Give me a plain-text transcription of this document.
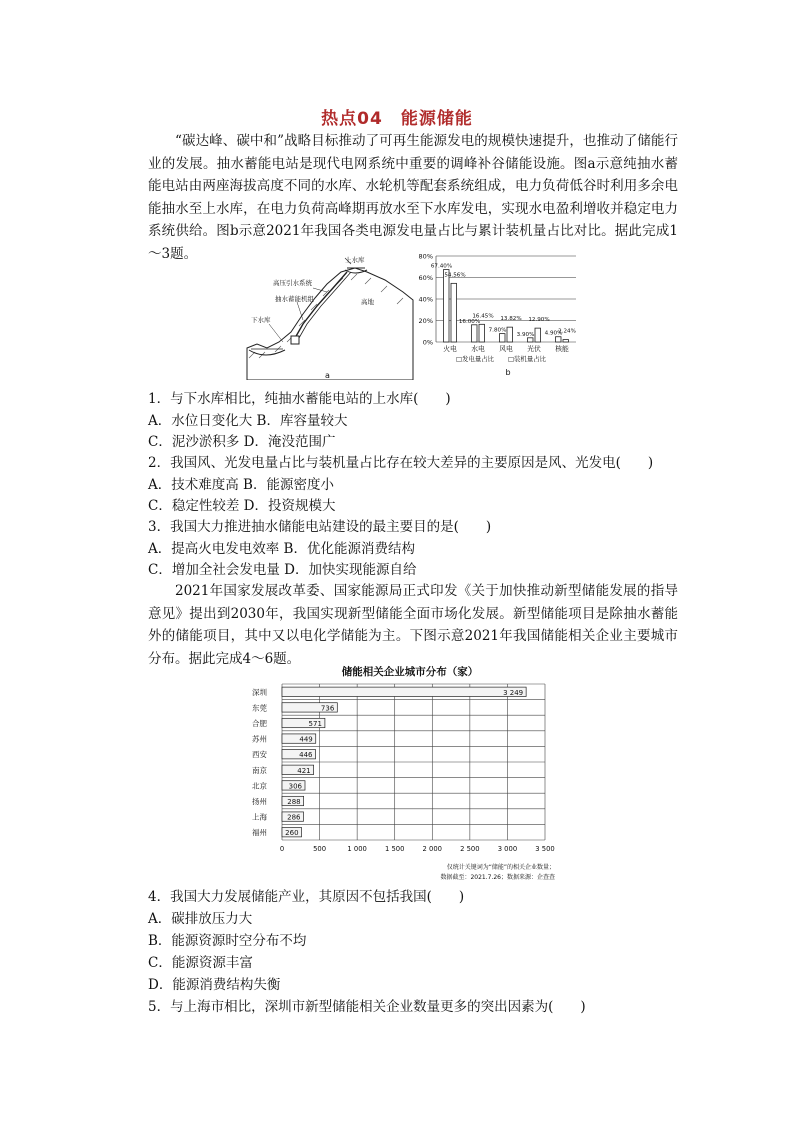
热点04　能源储能
“碳达峰、碳中和”战略目标推动了可再生能源发电的规模快速提升，也推动了储能行业的发展。抽水蓄能电站是现代电网系统中重要的调峰补谷储能设施。图a示意纯抽水蓄能电站由两座海拔高度不同的水库、水轮机等配套系统组成，电力负荷低谷时利用多余电能抽水至上水库，在电力负荷高峰期再放水至下水库发电，实现水电盈利增收并稳定电力系统供给。图b示意2021年我国各类电源发电量占比与累计装机量占比对比。据此完成1～3题。	上水库
高压引水系统
抽水蓄能机组	高地
下水库
a
0%
20%
40%
60%
80%
67.40%
54.56%
火电
16.00%
16.45%
水电
7.80%
13.82%
风电
3.90%
12.90%
光伏
4.90%
2.24%
核能
□发电量占比 □装机量占比
b
1．与下水库相比，纯抽水蓄能电站的上水库(　　)
A．水位日变化大 B．库容量较大
C．泥沙淤积多 D．淹没范围广
2．我国风、光发电量占比与装机量占比存在较大差异的主要原因是风、光发电(　　)
A．技术难度高 B．能源密度小
C．稳定性较差 D．投资规模大
3．我国大力推进抽水储能电站建设的最主要目的是(　　)
A．提高火电发电效率 B．优化能源消费结构
C．增加全社会发电量 D．加快实现能源自给
2021年国家发展改革委、国家能源局正式印发《关于加快推动新型储能发展的指导意见》提出到2030年，我国实现新型储能全面市场化发展。新型储能项目是除抽水蓄能外的储能项目，其中又以电化学储能为主。下图示意2021年我国储能相关企业主要城市分布。据此完成4～6题。
储能相关企业城市分布（家）
0	500	1 000	1 500	2 000	2 500	3 000	3 500
深圳	3 249
东莞	736
合肥	571
苏州	449
西安	446
南京	421
北京	306
扬州	288
上海	286
福州	260
仅统计关键词为“储能”的相关企业数量；
数据截至：2021.7.26；数据来源：企查查
4．我国大力发展储能产业，其原因不包括我国(　　)
A．碳排放压力大
B．能源资源时空分布不均
C．能源资源丰富
D．能源消费结构失衡
5．与上海市相比，深圳市新型储能相关企业数量更多的突出因素为(　　)
